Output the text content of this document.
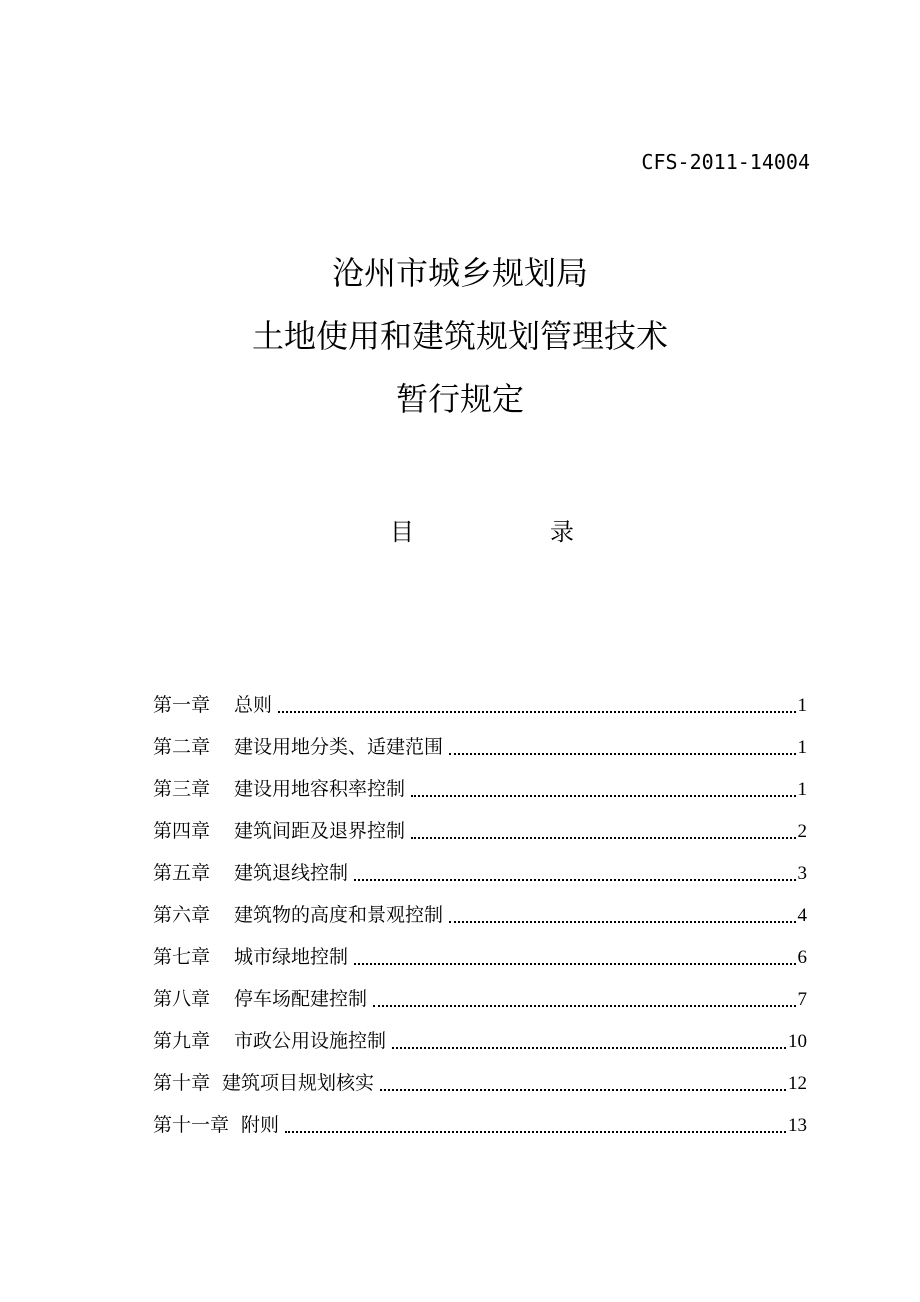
CFS-2011-14004
沧州市城乡规划局
土地使用和建筑规划管理技术
暂行规定
目	录
第一章 总则	1
第二章 建设用地分类、适建范围	1
第三章 建设用地容积率控制	1
第四章 建筑间距及退界控制	2
第五章 建筑退线控制	3
第六章 建筑物的高度和景观控制	4
第七章 城市绿地控制	6
第八章 停车场配建控制	7
第九章 市政公用设施控制	10
第十章 建筑项目规划核实	12
第十一章 附则	13
